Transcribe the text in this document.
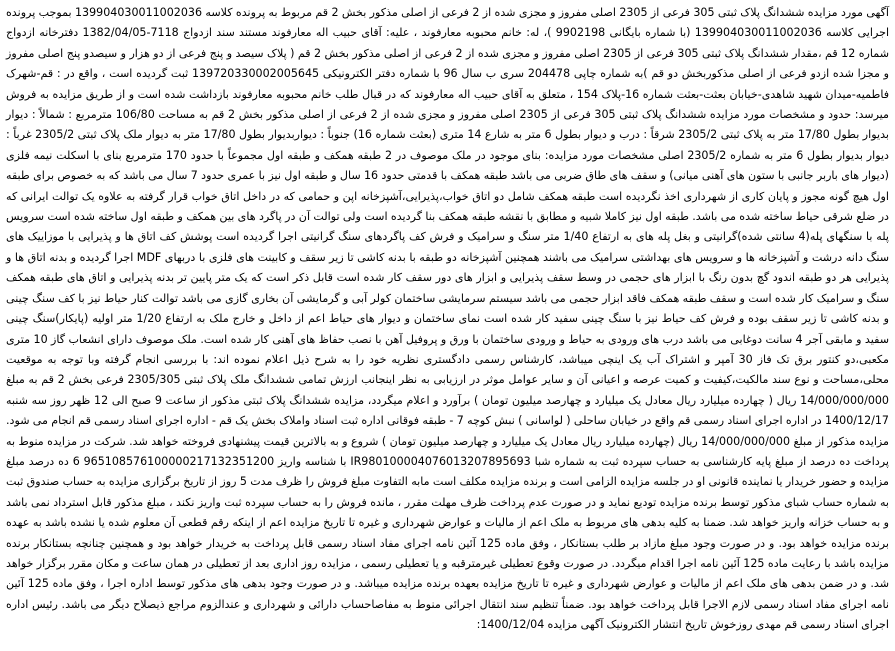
آگهی مورد مزایده ششدانگ پلاک ثبتی 305 فرعی از 2305 اصلی مفروز و مجزی شده از 2 فرعی از اصلی مذکور بخش 2 قم مربوط به پرونده کلاسه 139904030011002036 بموجب پرونده اجرایی کلاسه 139904030011002036 (با شماره بایگانی 9902198 )، له: خانم محبوبه معارفوند ، علیه: آقای حبیب اله معارفوند مستند سند ازدواج 7118-1382/04/05 دفترخانه ازدواج شماره 12 قم ،مقدار ششدانگ پلاک ثبتی 305 فرعی از 2305 اصلی مفروز و مجزی شده از 2 فرعی از اصلی مذکور بخش 2 قم ( پلاک سیصد و پنج فرعی از دو هزار و سیصدو پنج اصلی مفروز و مجزا شده ازدو فرعی از اصلی مذکوربخش دو قم )به شماره چاپی 204478 سری ب سال 96 با شماره دفتر الکترونیکی 139720330002005645 ثبت گردیده است ، واقع در : قم-شهرک فاطمیه-میدان شهید شاهدی-خیابان بعثت-بعثت شماره 16-پلاک 154 ، متعلق به آقای حبیب اله معارفوند که در قبال طلب خانم محبوبه معارفوند بازداشت شده است و از طریق مزایده به فروش میرسد: حدود و مشخصات مورد مزایده ششدانگ پلاک ثبتی 305 فرعی از 2305 اصلی مفروز و مجزی شده از 2 فرعی از اصلی مذکور بخش 2 قم به مساحت 106/80 مترمربع : شمالاً : دیوار بدیوار بطول 17/80 متر به پلاک ثبتی 2305/2 شرقاً : درب و دیوار بطول 6 متر به شارع 14 متری (بعثت شماره 16) جنوباً : دیواربدیوار بطول 17/80 متر به دیوار ملک پلاک ثبتی 2305/2 غرباً : دیوار بدیوار بطول 6 متر به شماره 2305/2 اصلی مشخصات مورد مزایده: بنای موجود در ملک موصوف در 2 طبقه همکف و طبقه اول مجموعاً با حدود 170 مترمربع بنای با اسکلت نیمه فلزی (دیوار های باربر جانبی با ستون های آهنی میانی) و سقف های طاق ضربی می باشد طبقه همکف با قدمتی حدود 16 سال و طبقه اول نیز با عمری حدود 7 سال می باشد که به خصوص برای طبقه اول هیچ گونه مجوز و پایان کاری از شهرداری اخذ نگردیده است طبقه همکف شامل دو اتاق خواب،پذیرایی،آشپزخانه اپن و حمامی که در داخل اتاق خواب قرار گرفته به علاوه یک توالت ایرانی که در ضلع شرقی حیاط ساخته شده می باشد. طبقه اول نیز کاملا شبیه و مطابق با نقشه طبقه همکف بنا گردیده است ولی توالت آن در پاگرد های بین همکف و طبقه اول ساخته شده است سرویس پله با سنگهای پله(4 سانتی شده)گرانیتی و بغل پله های به ارتفاع 1/40 متر سنگ و سرامیک و فرش کف پاگردهای سنگ گرانیتی اجرا گردیده است پوشش کف اتاق ها و پذیرایی با موزاییک های سنگ دانه درشت و آشپزخانه ها و سرویس های بهداشتی سرامیک می باشند همچنین آشپزخانه دو طبقه با بدنه کاشی تا زیر سقف و کابینت های فلزی با دربهای MDF اجرا گردیده و بدنه اتاق ها و پذیرایی هر دو طبقه اندود گچ بدون رنگ با ابزار های حجمی در وسط سقف پذیرایی و ابزار های دور سقف کار شده است قابل ذکر است که یک متر پایین تر بدنه پذیرایی و اتاق های طبقه همکف سنگ و سرامیک کار شده است و سقف طبقه همکف فاقد ابزار حجمی می باشد سیستم سرمایشی ساختمان کولر آبی و گرمایشی آن بخاری گازی می باشد توالت کنار حیاط نیز با کف سنگ چینی و بدنه کاشی تا زیر سقف بوده و فرش کف حیاط نیز با سنگ چینی سفید کار شده است نمای ساختمان و دیوار های حیاط اعم از داخل و خارج ملک به ارتفاع 1/20 متر اولیه (پایکار)سنگ چینی سفید و مابقی آجر 4 سانت دوغابی می باشد درب های ورودی به حیاط و ورودی ساختمان با ورق و پروفیل آهن با نصب حفاظ های آهنی کار شده است. ملک موصوف دارای انشعاب گاز 10 متری مکعبی،دو کنتور برق تک فاز 30 آمپر و اشتراک آب یک اینچی میباشد، کارشناس رسمی دادگستری نظریه خود را به شرح ذیل اعلام نموده اند: با بررسی انجام گرفته وبا توجه به موقعیت محلی،مساحت و نوع سند مالکیت،کیفیت و کمیت عرصه و اعیانی آن و سایر عوامل موثر در ارزیابی به نظر اینجانب ارزش تمامی ششدانگ ملک پلاک ثبتی 2305/305 فرعی بخش 2 قم به مبلغ 14/000/000/000 ریال ( چهارده میلیارد ریال معادل یک میلیارد و چهارصد میلیون تومان ) برآورد و اعلام میگردد، مزایده ششدانگ پلاک ثبتی مذکور از ساعت 9 صبح الی 12 ظهر روز سه شنبه 1400/12/17 در اداره اجرای اسناد رسمی قم واقع در خیابان ساحلی ( لواسانی ) نبش کوچه 7 - طبقه فوقانی اداره ثبت اسناد واملاک بخش یک قم - اداره اجرای اسناد رسمی قم انجام می شود. مزایده مذکور از مبلغ 14/000/000/000 ریال (چهارده میلیارد ریال معادل یک میلیارد و چهارصد میلیون تومان ) شروع و به بالاترین قیمت پیشنهادی فروخته خواهد شد. شرکت در مزایده منوط به پرداخت ده درصد از مبلغ پایه کارشناسی به حساب سپرده ثبت به شماره شبا IR980100004076013207895693 با شناسه واریز 965108576100000217132351200 6 ده درصد مبلغ مزایده و حضور خریدار یا نماینده قانونی او در جلسه مزایده الزامی است و برنده مزایده مکلف است مابه التفاوت مبلغ فروش را ظرف مدت 5 روز از تاریخ برگزاری مزایده به حساب صندوق ثبت به شماره حساب شبای مذکور توسط برنده مزایده تودیع نماید و در صورت عدم پرداخت ظرف مهلت مقرر ، مانده فروش را به حساب سپرده ثبت واریز نکند ، مبلغ مذکور قابل استرداد نمی باشد و به حساب خزانه واریز خواهد شد. ضمنا به کلیه بدهی های مربوط به ملک اعم از مالیات و عوارض شهرداری و غیره تا تاریخ مزایده اعم از اینکه رقم قطعی آن معلوم شده یا نشده باشد به عهده برنده مزایده خواهد بود. و در صورت وجود مبلغ مازاد بر طلب بستانکار ، وفق ماده 125 آئین نامه اجرای مفاد اسناد رسمی قابل پرداخت به خریدار خواهد بود و همچنین چنانچه بستانکار برنده مزایده باشد با رعایت ماده 125 آئین نامه اجرا اقدام میگردد. در صورت وقوع تعطیلی غیرمترقبه و یا تعطیلی رسمی ، مزایده روز اداری بعد از تعطیلی در همان ساعت و مکان مقرر برگزار خواهد شد. و در ضمن بدهی های ملک اعم از مالیات و عوارض شهرداری و غیره تا تاریخ مزایده بعهده برنده مزایده میباشد. و در صورت وجود بدهی های مذکور توسط اداره اجرا ، وفق ماده 125 آئین نامه اجرای مفاد اسناد رسمی لازم الاجرا قابل پرداخت خواهد بود. ضمناً تنظیم سند انتقال اجرائی منوط به مفاصاحساب دارائی و شهرداری و عندالزوم مراجع ذیصلاح دیگر می باشد. رئیس اداره اجرای اسناد رسمی قم مهدی روزخوش تاریخ انتشار الکترونیک آگهی مزایده 1400/12/04:
